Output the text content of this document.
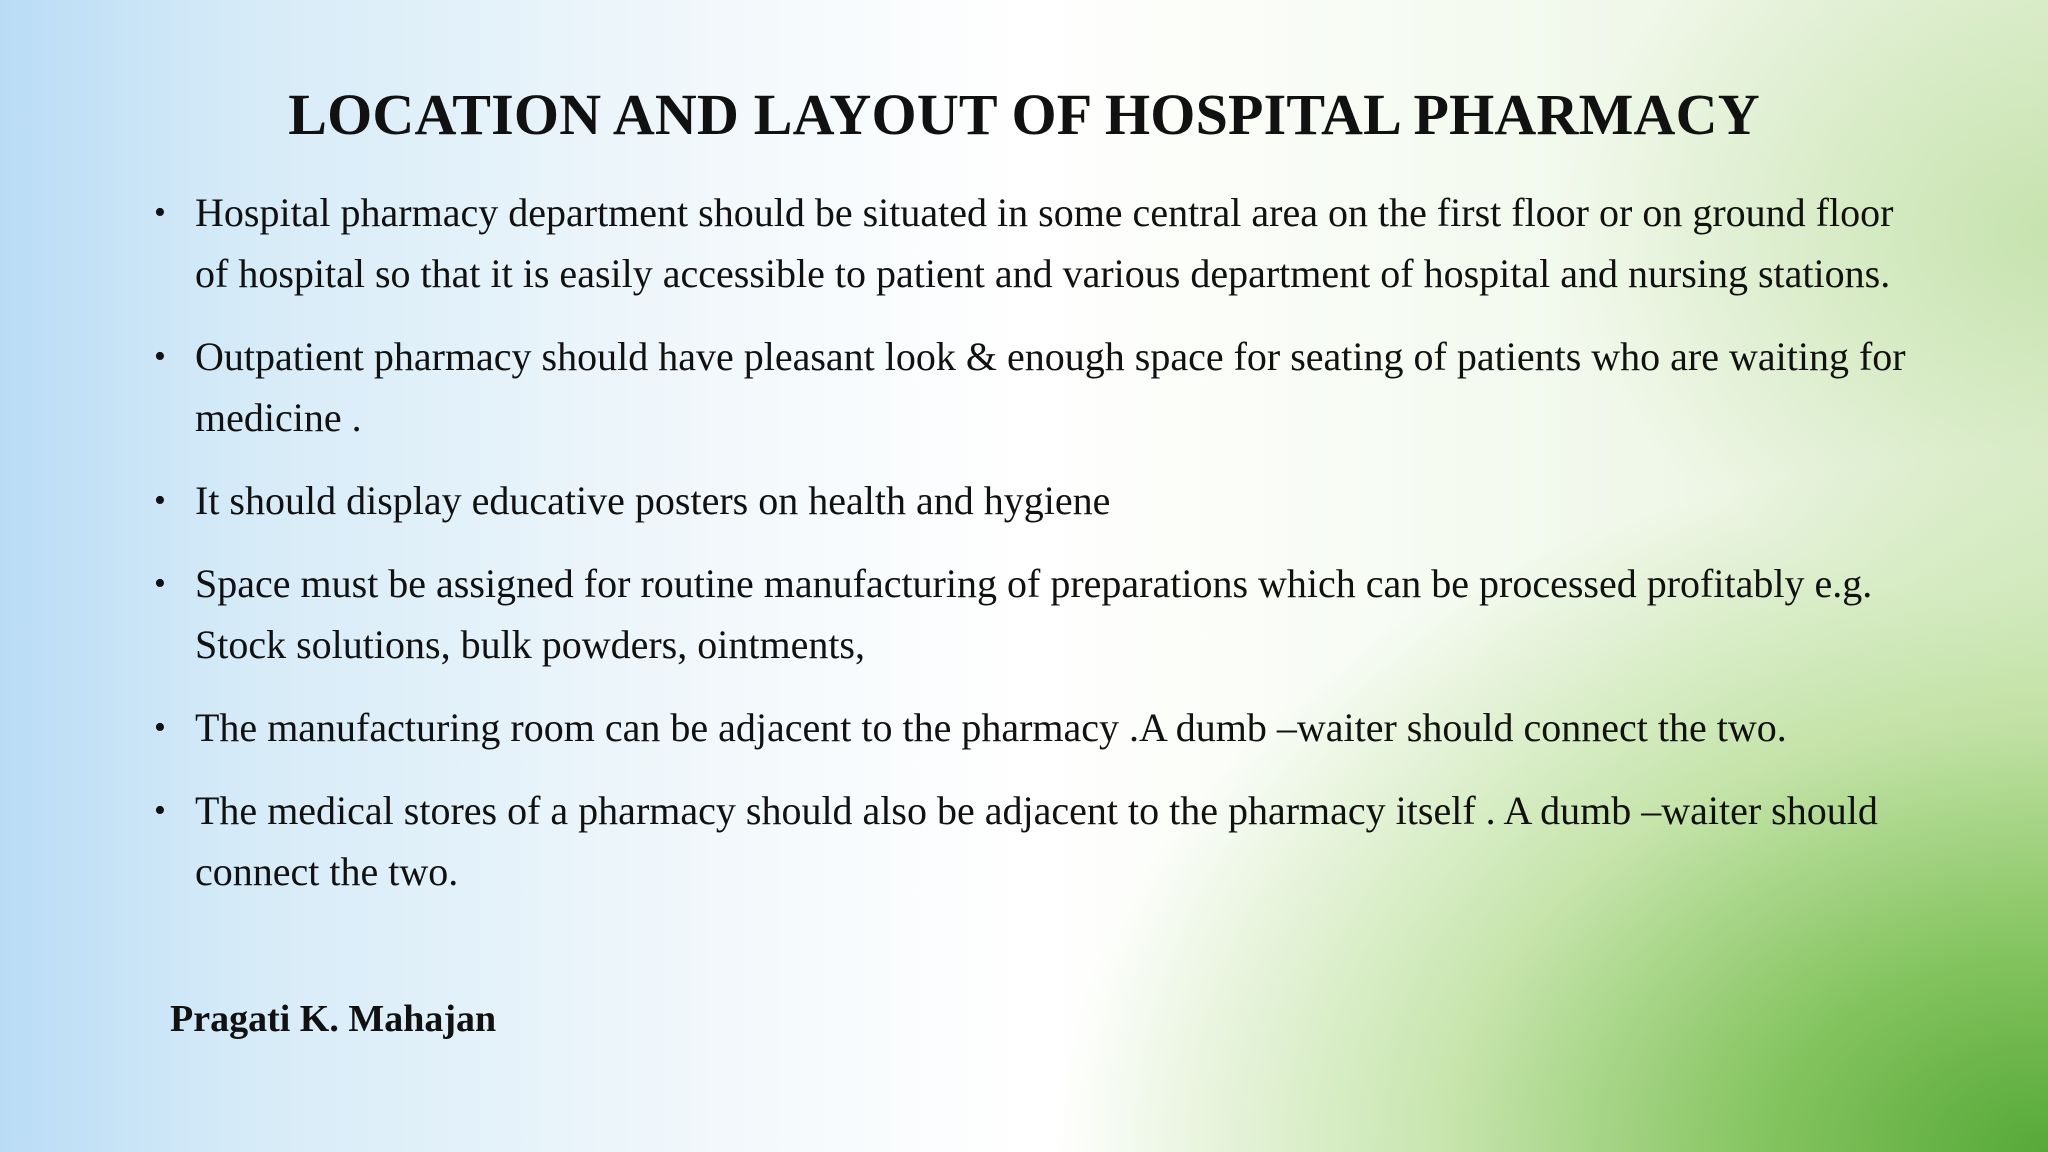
LOCATION AND LAYOUT OF HOSPITAL PHARMACY
• Hospital pharmacy department should be situated in some central area on the first floor or on ground floor of hospital so that it is easily accessible to patient and various department of hospital and nursing stations.
• Outpatient pharmacy should have pleasant look & enough space for seating of patients who are waiting for medicine .
• It should display educative posters on health and hygiene
• Space must be assigned for routine manufacturing of preparations which can be processed profitably e.g. Stock solutions, bulk powders, ointments,
• The manufacturing room can be adjacent to the pharmacy .A dumb –waiter should connect the two.
• The medical stores of a pharmacy should also be adjacent to the pharmacy itself . A dumb –waiter should connect the two.
Pragati K. Mahajan
